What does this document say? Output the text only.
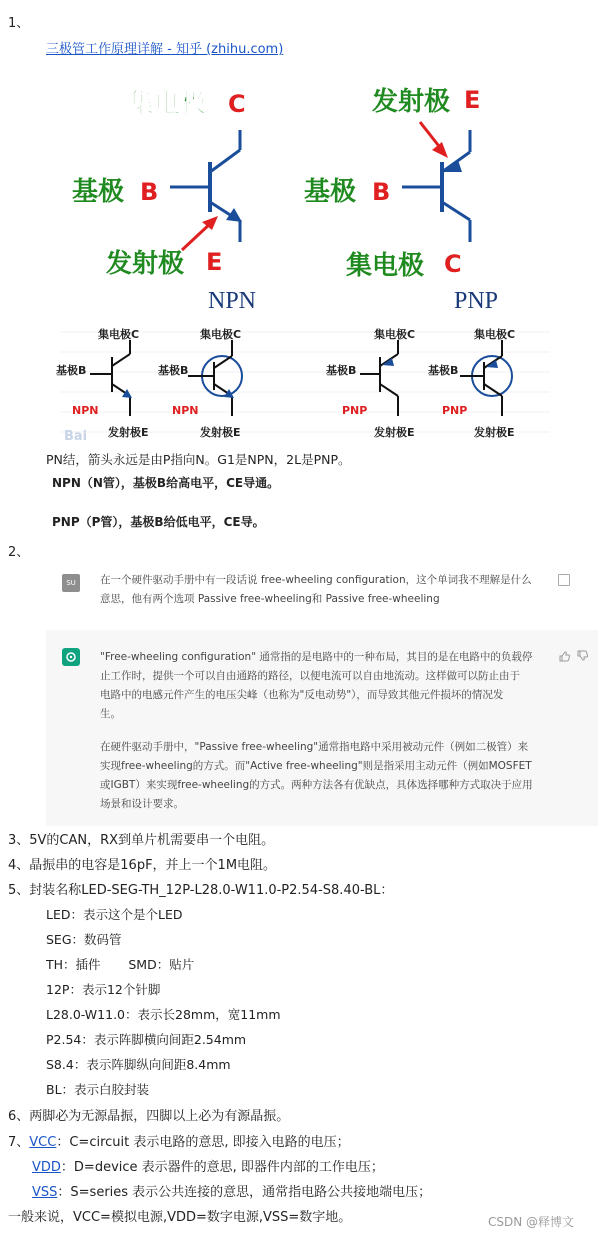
1、
三极管工作原理详解 - 知乎 (zhihu.com)
集电极 C
基极 B
发射极 E
NPN
发射极 E
基极 B
集电极 C
PNP
集电极C
基极B
NPN
发射极E
Bai
集电极C
基极B
NPN
发射极E
集电极C
基极B
PNP
发射极E
集电极C
基极B
PNP
发射极E
PN结，箭头永远是由P指向N。G1是NPN，2L是PNP。
NPN（N管），基极B给高电平，CE导通。
PNP（P管），基极B给低电平，CE导。
2、
SU	在一个硬件驱动手册中有一段话说 free-wheeling configuration，这个单词我不理解是什么
意思，他有两个选项 Passive free-wheeling和 Passive free-wheeling
"Free-wheeling configuration" 通常指的是电路中的一种布局，其目的是在电路中的负载停
止工作时，提供一个可以自由通路的路径，以便电流可以自由地流动。这样做可以防止由于
电路中的电感元件产生的电压尖峰（也称为"反电动势"），而导致其他元件损坏的情况发
生。
在硬件驱动手册中，"Passive free-wheeling"通常指电路中采用被动元件（例如二极管）来
实现free-wheeling的方式。而"Active free-wheeling"则是指采用主动元件（例如MOSFET
或IGBT）来实现free-wheeling的方式。两种方法各有优缺点，具体选择哪种方式取决于应用
场景和设计要求。
3、5V的CAN，RX到单片机需要串一个电阻。
4、晶振串的电容是16pF，并上一个1M电阻。
5、封装名称LED-SEG-TH_12P-L28.0-W11.0-P2.54-S8.40-BL：
LED：表示这个是个LED
SEG：数码管
TH：插件       SMD：贴片
12P：表示12个针脚
L28.0-W11.0：表示长28mm，宽11mm
P2.54：表示阵脚横向间距2.54mm
S8.4：表示阵脚纵向间距8.4mm
BL：表示白胶封装
6、两脚必为无源晶振，四脚以上必为有源晶振。
7、VCC：C=circuit 表示电路的意思, 即接入电路的电压；
VDD：D=device 表示器件的意思, 即器件内部的工作电压；
VSS：S=series 表示公共连接的意思，通常指电路公共接地端电压；
一般来说，VCC=模拟电源,VDD=数字电源,VSS=数字地。	CSDN @释博文
